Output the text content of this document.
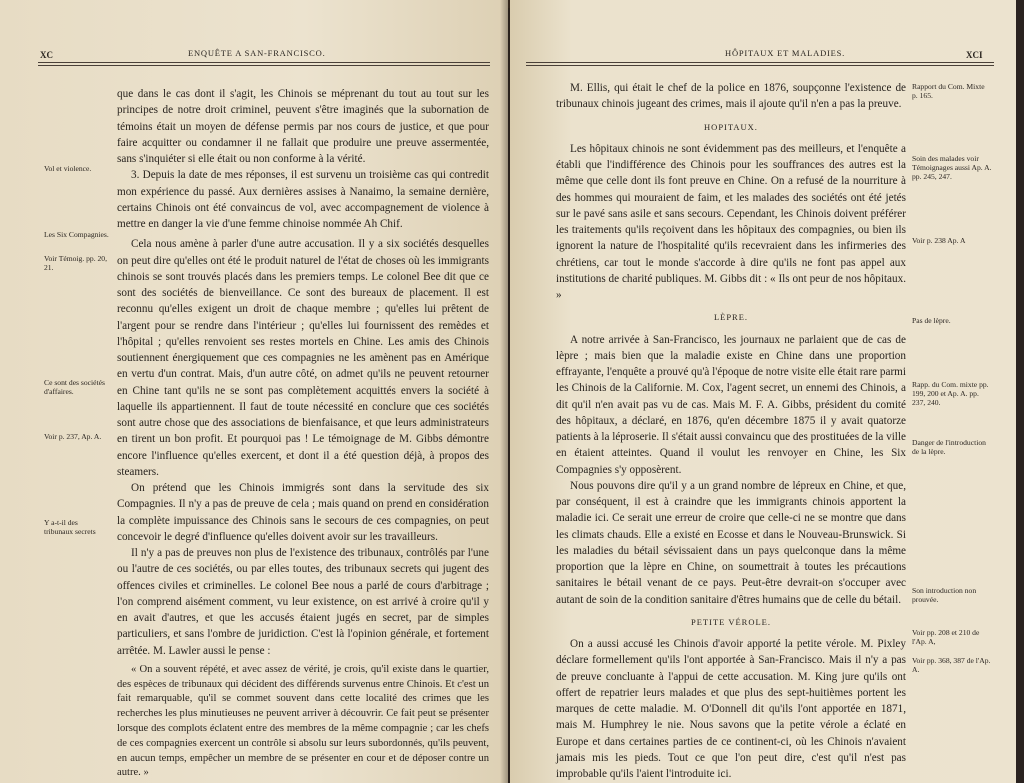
XC	ENQUÊTE A SAN-FRANCISCO.
Vol et violence.
Les Six Compagnies.
Voir Témoig. pp. 20, 21.
Ce sont des sociétés d'affaires.
Voir p. 237, Ap. A.
Y a-t-il des tribunaux secrets

que dans le cas dont il s'agit, les Chinois se méprenant du tout au tout sur les principes de notre droit criminel, peuvent s'être imaginés que la subornation de témoins était un moyen de défense permis par nos cours de justice, et que pour faire acquitter ou condamner il ne fallait que produire une preuve assermentée, sans s'inquiéter si elle était ou non conforme à la vérité.

3. Depuis la date de mes réponses, il est survenu un troisième cas qui contredit mon expérience du passé. Aux dernières assises à Nanaimo, la semaine dernière, certains Chinois ont été convaincus de vol, avec accompagnement de violence à mettre en danger la vie d'une femme chinoise nommée Ah Chif.

Cela nous amène à parler d'une autre accusation. Il y a six sociétés desquelles on peut dire qu'elles ont été le produit naturel de l'état de choses où les immigrants chinois se sont trouvés placés dans les premiers temps. Le colonel Bee dit que ce sont des sociétés de bienveillance. Ce sont des bureaux de placement. Il est reconnu qu'elles exigent un droit de chaque membre ; qu'elles lui prêtent de l'argent pour se rendre dans l'intérieur ; qu'elles lui fournissent des remèdes et l'hôpital ; qu'elles renvoient ses restes mortels en Chine. Les amis des Chinois soutiennent énergiquement que ces compagnies ne les amènent pas en Amérique en vertu d'un contrat. Mais, d'un autre côté, on admet qu'ils ne peuvent retourner en Chine tant qu'ils ne se sont pas complètement acquittés envers la société à laquelle ils appartiennent. Il faut de toute nécessité en conclure que ces sociétés sont autre chose que des associations de bienfaisance, et que leurs administrateurs en tirent un bon profit. Et pourquoi pas ! Le témoignage de M. Gibbs démontre encore l'influence qu'elles exercent, et dont il a été question déjà, à propos des steamers.

On prétend que les Chinois immigrés sont dans la servitude des six Compagnies. Il n'y a pas de preuve de cela ; mais quand on prend en considération la complète impuissance des Chinois sans le secours de ces compagnies, on peut concevoir le degré d'influence qu'elles doivent avoir sur les travailleurs.

Il n'y a pas de preuves non plus de l'existence des tribunaux, contrôlés par l'une ou l'autre de ces sociétés, ou par elles toutes, des tribunaux secrets qui jugent des offences civiles et criminelles. Le colonel Bee nous a parlé de cours d'arbitrage ; l'on comprend aisément comment, vu leur existence, on est arrivé à croire qu'il y en avait d'autres, et que les accusés étaient jugés en secret, par de simples particuliers, et sans l'ombre de juridiction. C'est là l'opinion générale, et fortement arrêtée. M. Lawler aussi le pense :

« On a souvent répété, et avec assez de vérité, je crois, qu'il existe dans le quartier, des espèces de tribunaux qui décident des différends survenus entre Chinois. Et c'est un fait remarquable, qu'il se commet souvent dans cette localité des crimes que les recherches les plus minutieuses ne peuvent arriver à découvrir. Ce fait peut se présenter lorsque des complots éclatent entre des membres de la même compagnie ; car les chefs de ces compagnies exercent un contrôle si absolu sur leurs subordonnés, qu'ils peuvent, en aucun temps, empêcher un membre de se présenter en cour et de déposer contre un autre. »

HÔPITAUX ET MALADIES.	XCI
Rapport du Com. Mixte p. 165.
Soin des malades voir Témoignages aussi Ap. A. pp. 245, 247.
Voir p. 238 Ap. A
Pas de lèpre.
Rapp. du Com. mixte pp. 199, 200 et Ap. A. pp. 237, 240.
Danger de l'introduction de la lèpre.
Son introduction non prouvée.
Voir pp. 208 et 210 de l'Ap. A,
Voir pp. 368, 387 de l'Ap. A.

M. Ellis, qui était le chef de la police en 1876, soupçonne l'existence de tribunaux chinois jugeant des crimes, mais il ajoute qu'il n'en a pas la preuve.

HOPITAUX.

Les hôpitaux chinois ne sont évidemment pas des meilleurs, et l'enquête a établi que l'indifférence des Chinois pour les souffrances des autres est la même que celle dont ils font preuve en Chine. On a refusé de la nourriture à des hommes qui mouraient de faim, et les malades des sociétés ont été jetés sur le pavé sans asile et sans secours. Cependant, les Chinois doivent préférer les traitements qu'ils reçoivent dans les hôpitaux des compagnies, ou bien ils ignorent la nature de l'hospitalité qu'ils recevraient dans les infirmeries des chrétiens, car tout le monde s'accorde à dire qu'ils ne font pas appel aux institutions de charité publiques. M. Gibbs dit : « Ils ont peur de nos hôpitaux. »

LÈPRE.

A notre arrivée à San-Francisco, les journaux ne parlaient que de cas de lèpre ; mais bien que la maladie existe en Chine dans une proportion effrayante, l'enquête a prouvé qu'à l'époque de notre visite elle était rare parmi les Chinois de la Californie. M. Cox, l'agent secret, un ennemi des Chinois, a dit qu'il n'en avait pas vu de cas. Mais M. F. A. Gibbs, président du comité des hôpitaux, a déclaré, en 1876, qu'en décembre 1875 il y avait quatorze patients à la léproserie. Il s'était aussi convaincu que des prostituées de la ville en étaient atteintes. Quand il voulut les renvoyer en Chine, les Six Compagnies s'y opposèrent.

Nous pouvons dire qu'il y a un grand nombre de lépreux en Chine, et que, par conséquent, il est à craindre que les immigrants chinois apportent la maladie ici. Ce serait une erreur de croire que celle-ci ne se montre que dans les climats chauds. Elle a existé en Ecosse et dans le Nouveau-Brunswick. Si les maladies du bétail sévissaient dans un pays quelconque dans la même proportion que la lèpre en Chine, on soumettrait à toutes les précautions sanitaires le bétail venant de ce pays. Peut-être devrait-on s'occuper avec autant de soin de la condition sanitaire d'êtres humains que de celle du bétail.

PETITE VÉROLE.

On a aussi accusé les Chinois d'avoir apporté la petite vérole. M. Pixley déclare formellement qu'ils l'ont apportée à San-Francisco. Mais il n'y a pas de preuve concluante à l'appui de cette accusation. M. King jure qu'ils ont offert de repatrier leurs malades et que plus des sept-huitièmes portent les marques de cette maladie. M. O'Donnell dit qu'ils l'ont apportée en 1871, mais M. Humphrey le nie. Nous savons que la petite vérole a éclaté en Europe et dans certaines parties de ce continent-ci, où les Chinois n'avaient jamais mis les pieds. Tout ce que l'on peut dire, c'est qu'il n'est pas improbable qu'ils l'aient l'introduite ici.
